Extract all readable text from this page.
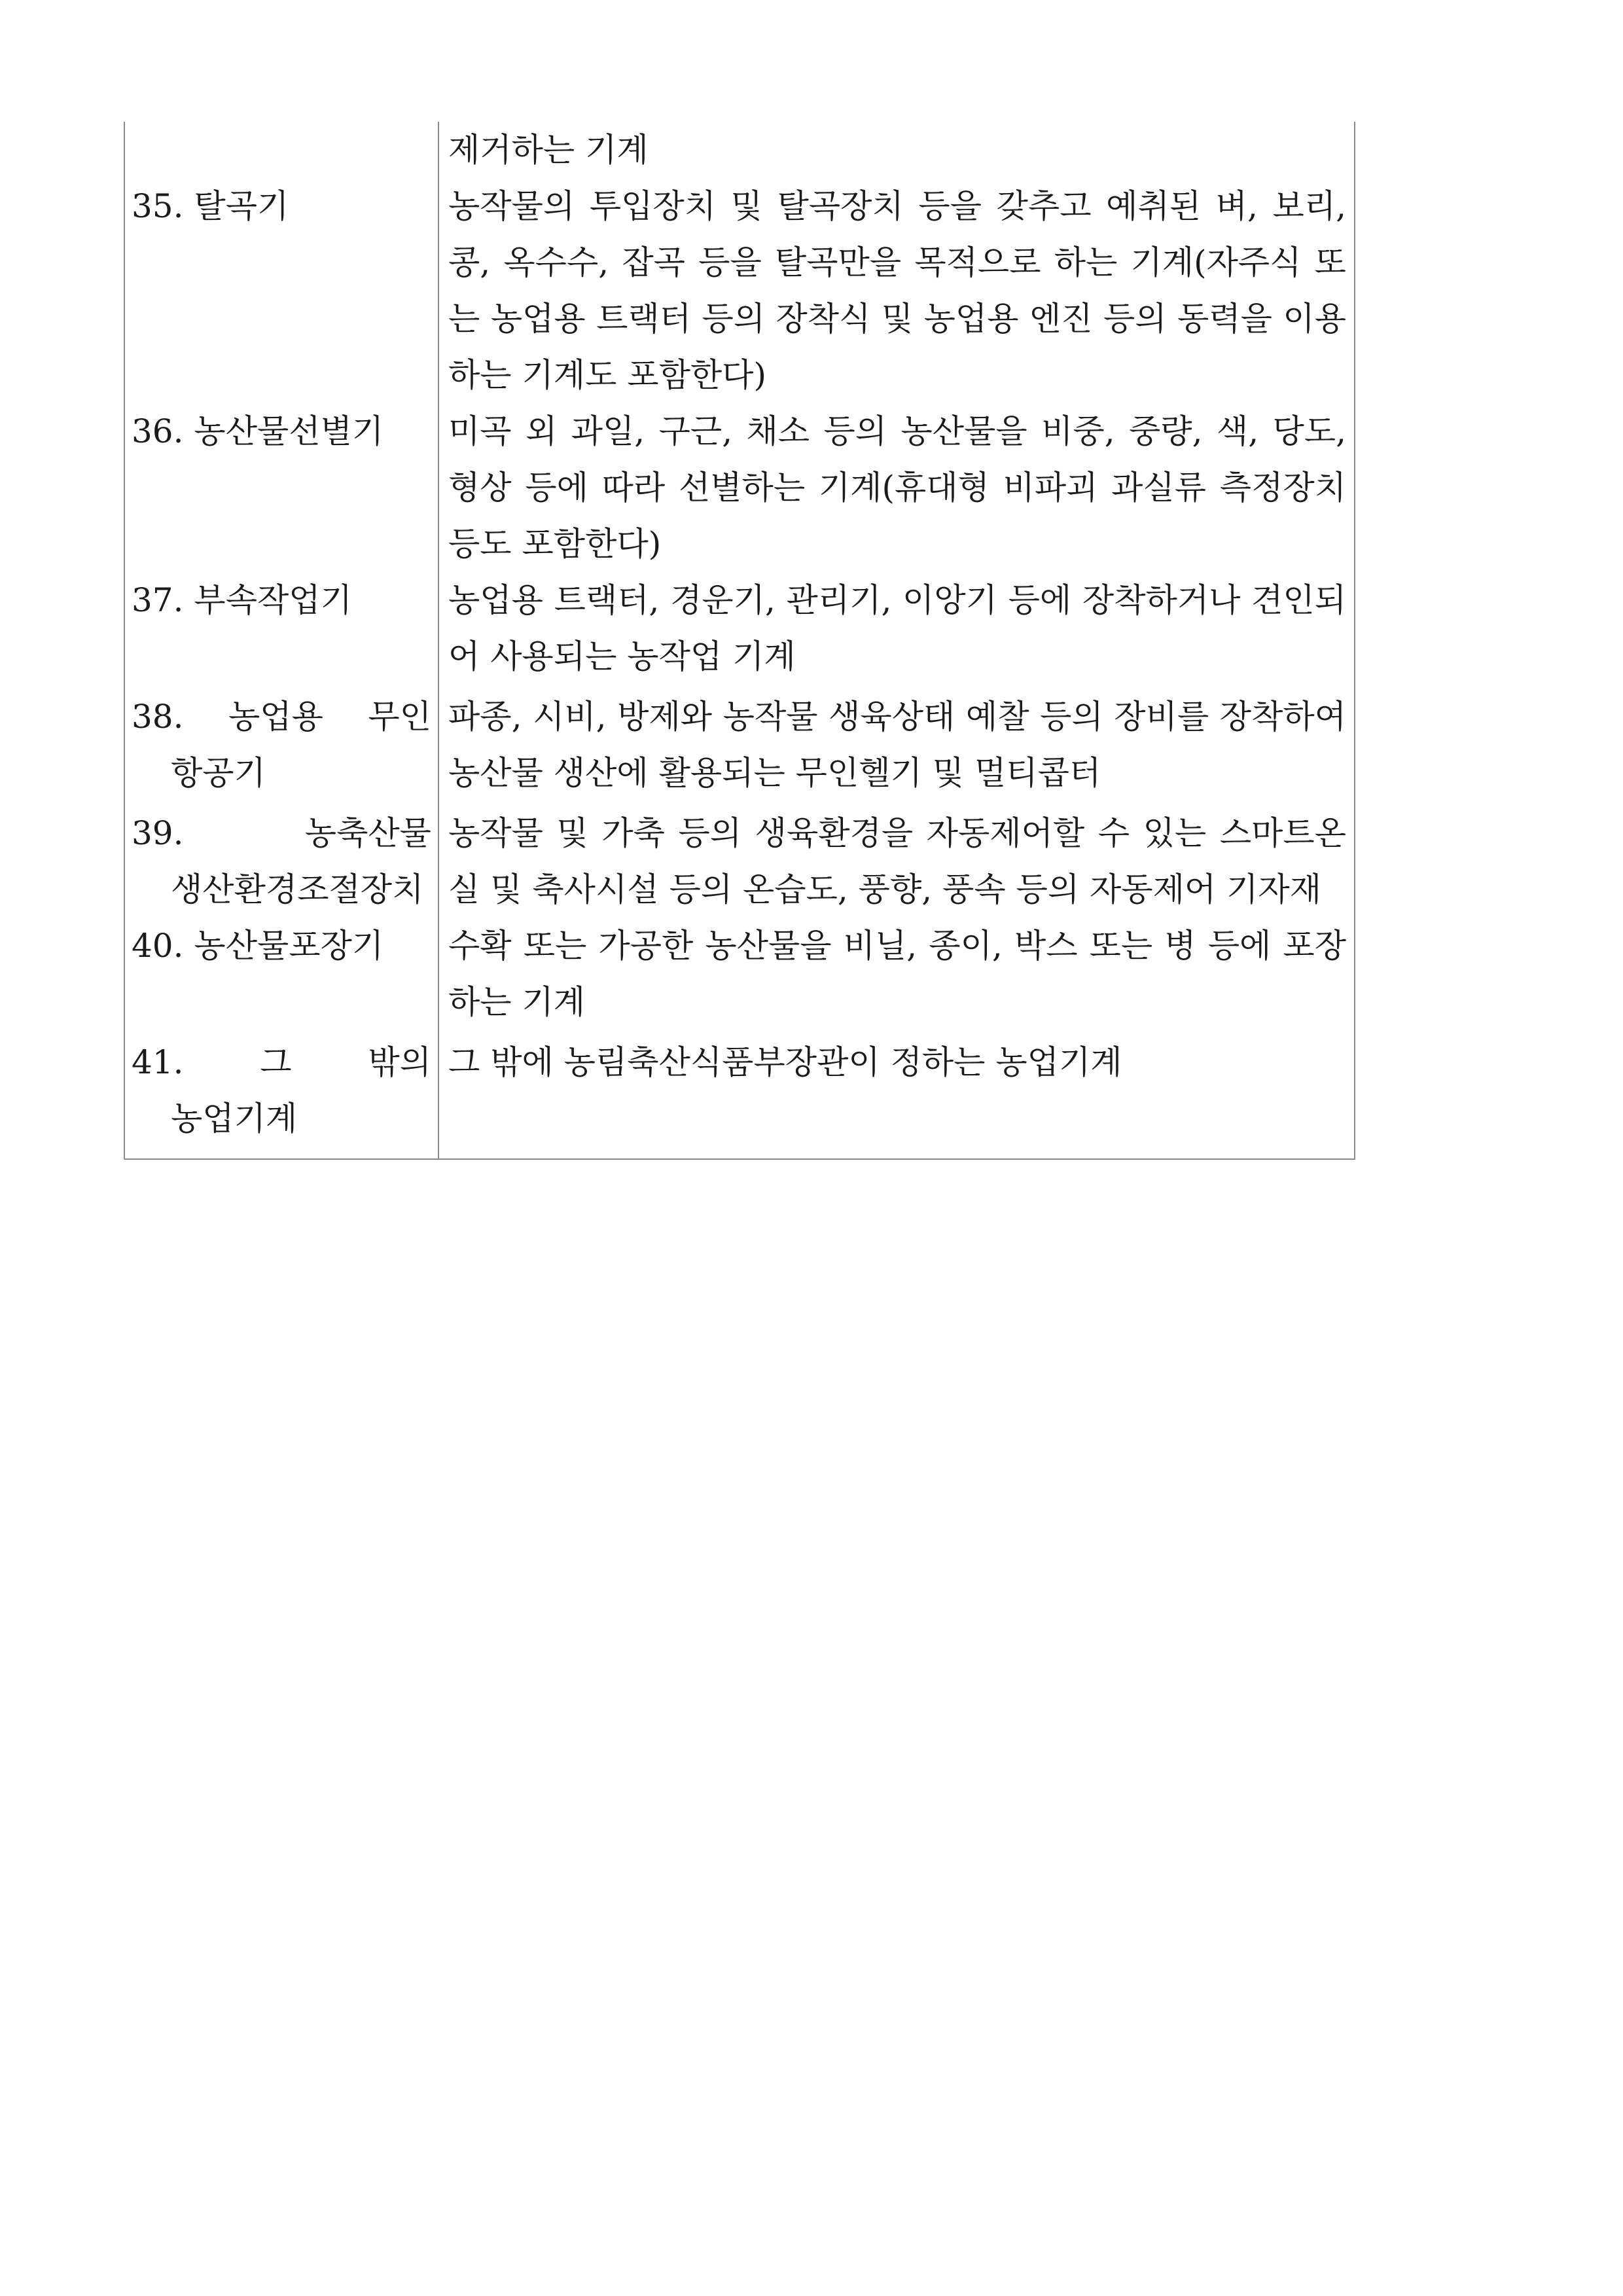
	제거하는 기계

35. 탈곡기	농작물의 투입장치 및 탈곡장치 등을 갖추고 예취된 벼, 보리, 콩, 옥수수, 잡곡 등을 탈곡만을 목적으로 하는 기계(자주식 또는 농업용 트랙터 등의 장착식 및 농업용 엔진 등의 동력을 이용하는 기계도 포함한다)

36. 농산물선별기	미곡 외 과일, 구근, 채소 등의 농산물을 비중, 중량, 색, 당도, 형상 등에 따라 선별하는 기계(휴대형 비파괴 과실류 측정장치 등도 포함한다)

37. 부속작업기	농업용 트랙터, 경운기, 관리기, 이앙기 등에 장착하거나 견인되어 사용되는 농작업 기계

38. 농업용 무인 항공기	파종, 시비, 방제와 농작물 생육상태 예찰 등의 장비를 장착하여 농산물 생산에 활용되는 무인헬기 및 멀티콥터

39. 농축산물 생산환경조절장치	농작물 및 가축 등의 생육환경을 자동제어할 수 있는 스마트온실 및 축사시설 등의 온습도, 풍향, 풍속 등의 자동제어 기자재

40. 농산물포장기	수확 또는 가공한 농산물을 비닐, 종이, 박스 또는 병 등에 포장하는 기계

41. 그 밖의 농업기계	그 밖에 농림축산식품부장관이 정하는 농업기계
